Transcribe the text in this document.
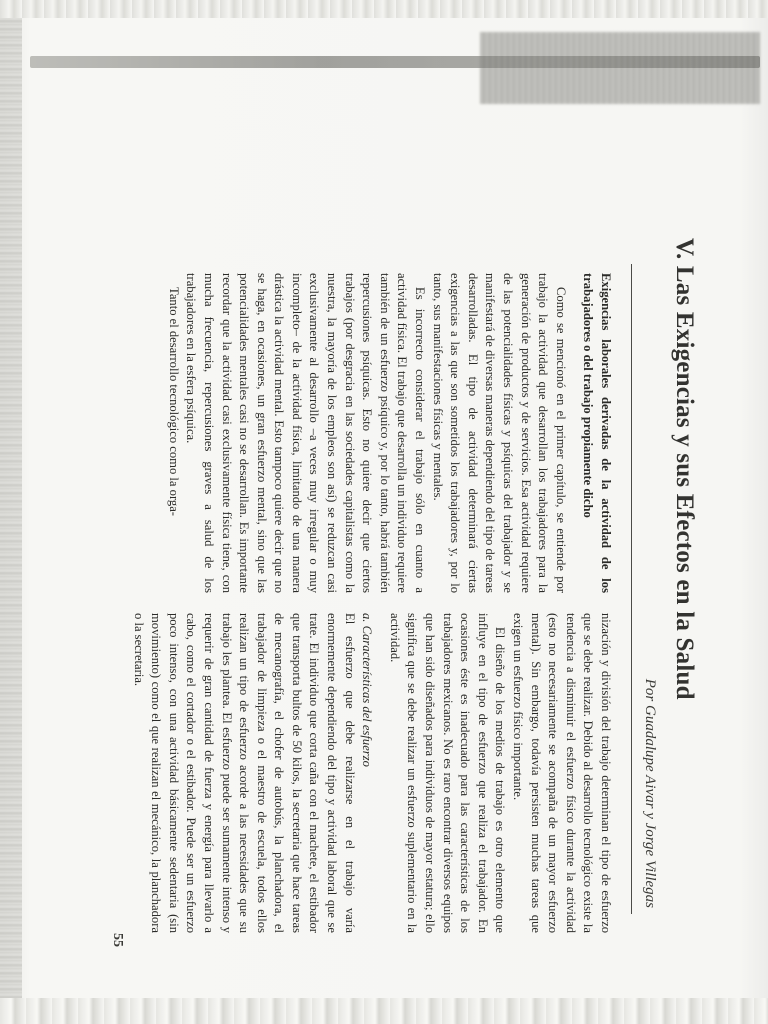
V. Las Exigencias y sus Efectos en la Salud
Por Guadalupe Aivar y Jorge Villegas

Exigencias laborales derivadas de la actividad de los trabajadores o del trabajo propiamente dicho

Como se mencionó en el primer capítulo, se entiende por trabajo la actividad que desarrollan los trabajadores para la generación de productos y de servicios. Esa actividad requiere de las potencialidades físicas y psíquicas del trabajador y se manifestará de diversas maneras dependiendo del tipo de tareas desarrolladas. El tipo de actividad determinará ciertas exigencias a las que son sometidos los trabajadores y, por lo tanto, sus manifestaciones físicas y mentales.

Es incorrecto considerar el trabajo sólo en cuanto a actividad física. El trabajo que desarrolla un individuo requiere también de un esfuerzo psíquico y, por lo tanto, habrá también repercusiones psíquicas. Esto no quiere decir que ciertos trabajos (por desgracia en las sociedades capitalistas como la nuestra, la mayoría de los empleos son así) se reduzcan casi exclusivamente al desarrollo –a veces muy irregular o muy incompleto– de la actividad física, limitando de una manera drástica la actividad mental. Esto tampoco quiere decir que no se haga, en ocasiones, un gran esfuerzo mental, sino que las potencialidades mentales casi no se desarrollan. Es importante recordar que la actividad casi exclusivamente física tiene, con mucha frecuencia, repercusiones graves a salud de los trabajadores en la esfera psíquica.

Tanto el desarrollo tecnológico como la orga-

nización y división del trabajo determinan el tipo de esfuerzo que se debe realizar. Debido al desarrollo tecnológico existe la tendencia a disminuir el esfuerzo físico durante la actividad (esto no necesariamente se acompaña de un mayor esfuerzo mental). Sin embargo, todavía persisten muchas tareas que exigen un esfuerzo físico importante.

El diseño de los medios de trabajo es otro elemento que influye en el tipo de esfuerzo que realiza el trabajador. En ocasiones éste es inadecuado para las características de los trabajadores mexicanos. No es raro encontrar diversos equipos que han sido diseñados para individuos de mayor estatura; ello significa que se debe realizar un esfuerzo suplementario en la actividad.

a. Características del esfuerzo

El esfuerzo que debe realizarse en el trabajo varía enormemente dependiendo del tipo y actividad laboral que se trate. El individuo que corta caña con el machete, el estibador que transporta bultos de 50 kilos, la secretaria que hace tareas de mecanografía, el chofer de autobús, la planchadora, el trabajador de limpieza o el maestro de escuela, todos ellos realizan un tipo de esfuerzo acorde a las necesidades que su trabajo les plantea. El esfuerzo puede ser sumamente intenso y requerir de gran cantidad de fuerza y energía para llevarlo a cabo, como el cortador o el estibador. Puede ser un esfuerzo poco intenso, con una actividad básicamente sedentaria (sin movimiento) como el que realizan el mecánico, la planchadora o la secretaria.

55
